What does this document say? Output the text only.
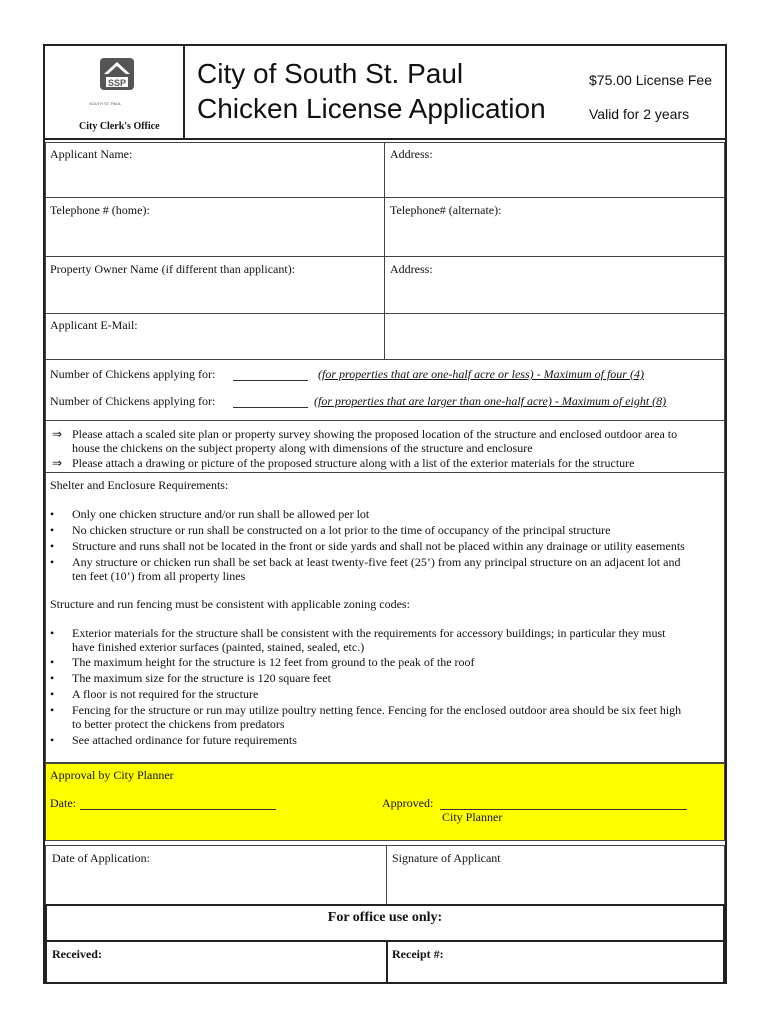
SSP
SOUTH ST. PAUL
City Clerk's Office
City of South St. Paul
Chicken License Application
$75.00 License Fee
Valid for 2 years
Applicant Name:	Address:
Telephone # (home):	Telephone# (alternate):
Property Owner Name (if different than applicant):	Address:
Applicant E-Mail:
Number of Chickens applying for:	(for properties that are one-half acre or less) - Maximum of four (4)
Number of Chickens applying for:	(for properties that are larger than one-half acre) - Maximum of eight (8)
⇒ Please attach a scaled site plan or property survey showing the proposed location of the structure and enclosed outdoor area to
house the chickens on the subject property along with dimensions of the structure and enclosure
⇒ Please attach a drawing or picture of the proposed structure along with a list of the exterior materials for the structure
Shelter and Enclosure Requirements:
• Only one chicken structure and/or run shall be allowed per lot
• No chicken structure or run shall be constructed on a lot prior to the time of occupancy of the principal structure
• Structure and runs shall not be located in the front or side yards and shall not be placed within any drainage or utility easements
• Any structure or chicken run shall be set back at least twenty-five feet (25’) from any principal structure on an adjacent lot and
ten feet (10’) from all property lines
Structure and run fencing must be consistent with applicable zoning codes:
• Exterior materials for the structure shall be consistent with the requirements for accessory buildings; in particular they must
have finished exterior surfaces (painted, stained, sealed, etc.)
• The maximum height for the structure is 12 feet from ground to the peak of the roof
• The maximum size for the structure is 120 square feet
• A floor is not required for the structure
• Fencing for the structure or run may utilize poultry netting fence. Fencing for the enclosed outdoor area should be six feet high
to better protect the chickens from predators
• See attached ordinance for future requirements
Approval by City Planner
Date:	Approved:
City Planner
Date of Application:	Signature of Applicant
For office use only:
Received:	Receipt #:
